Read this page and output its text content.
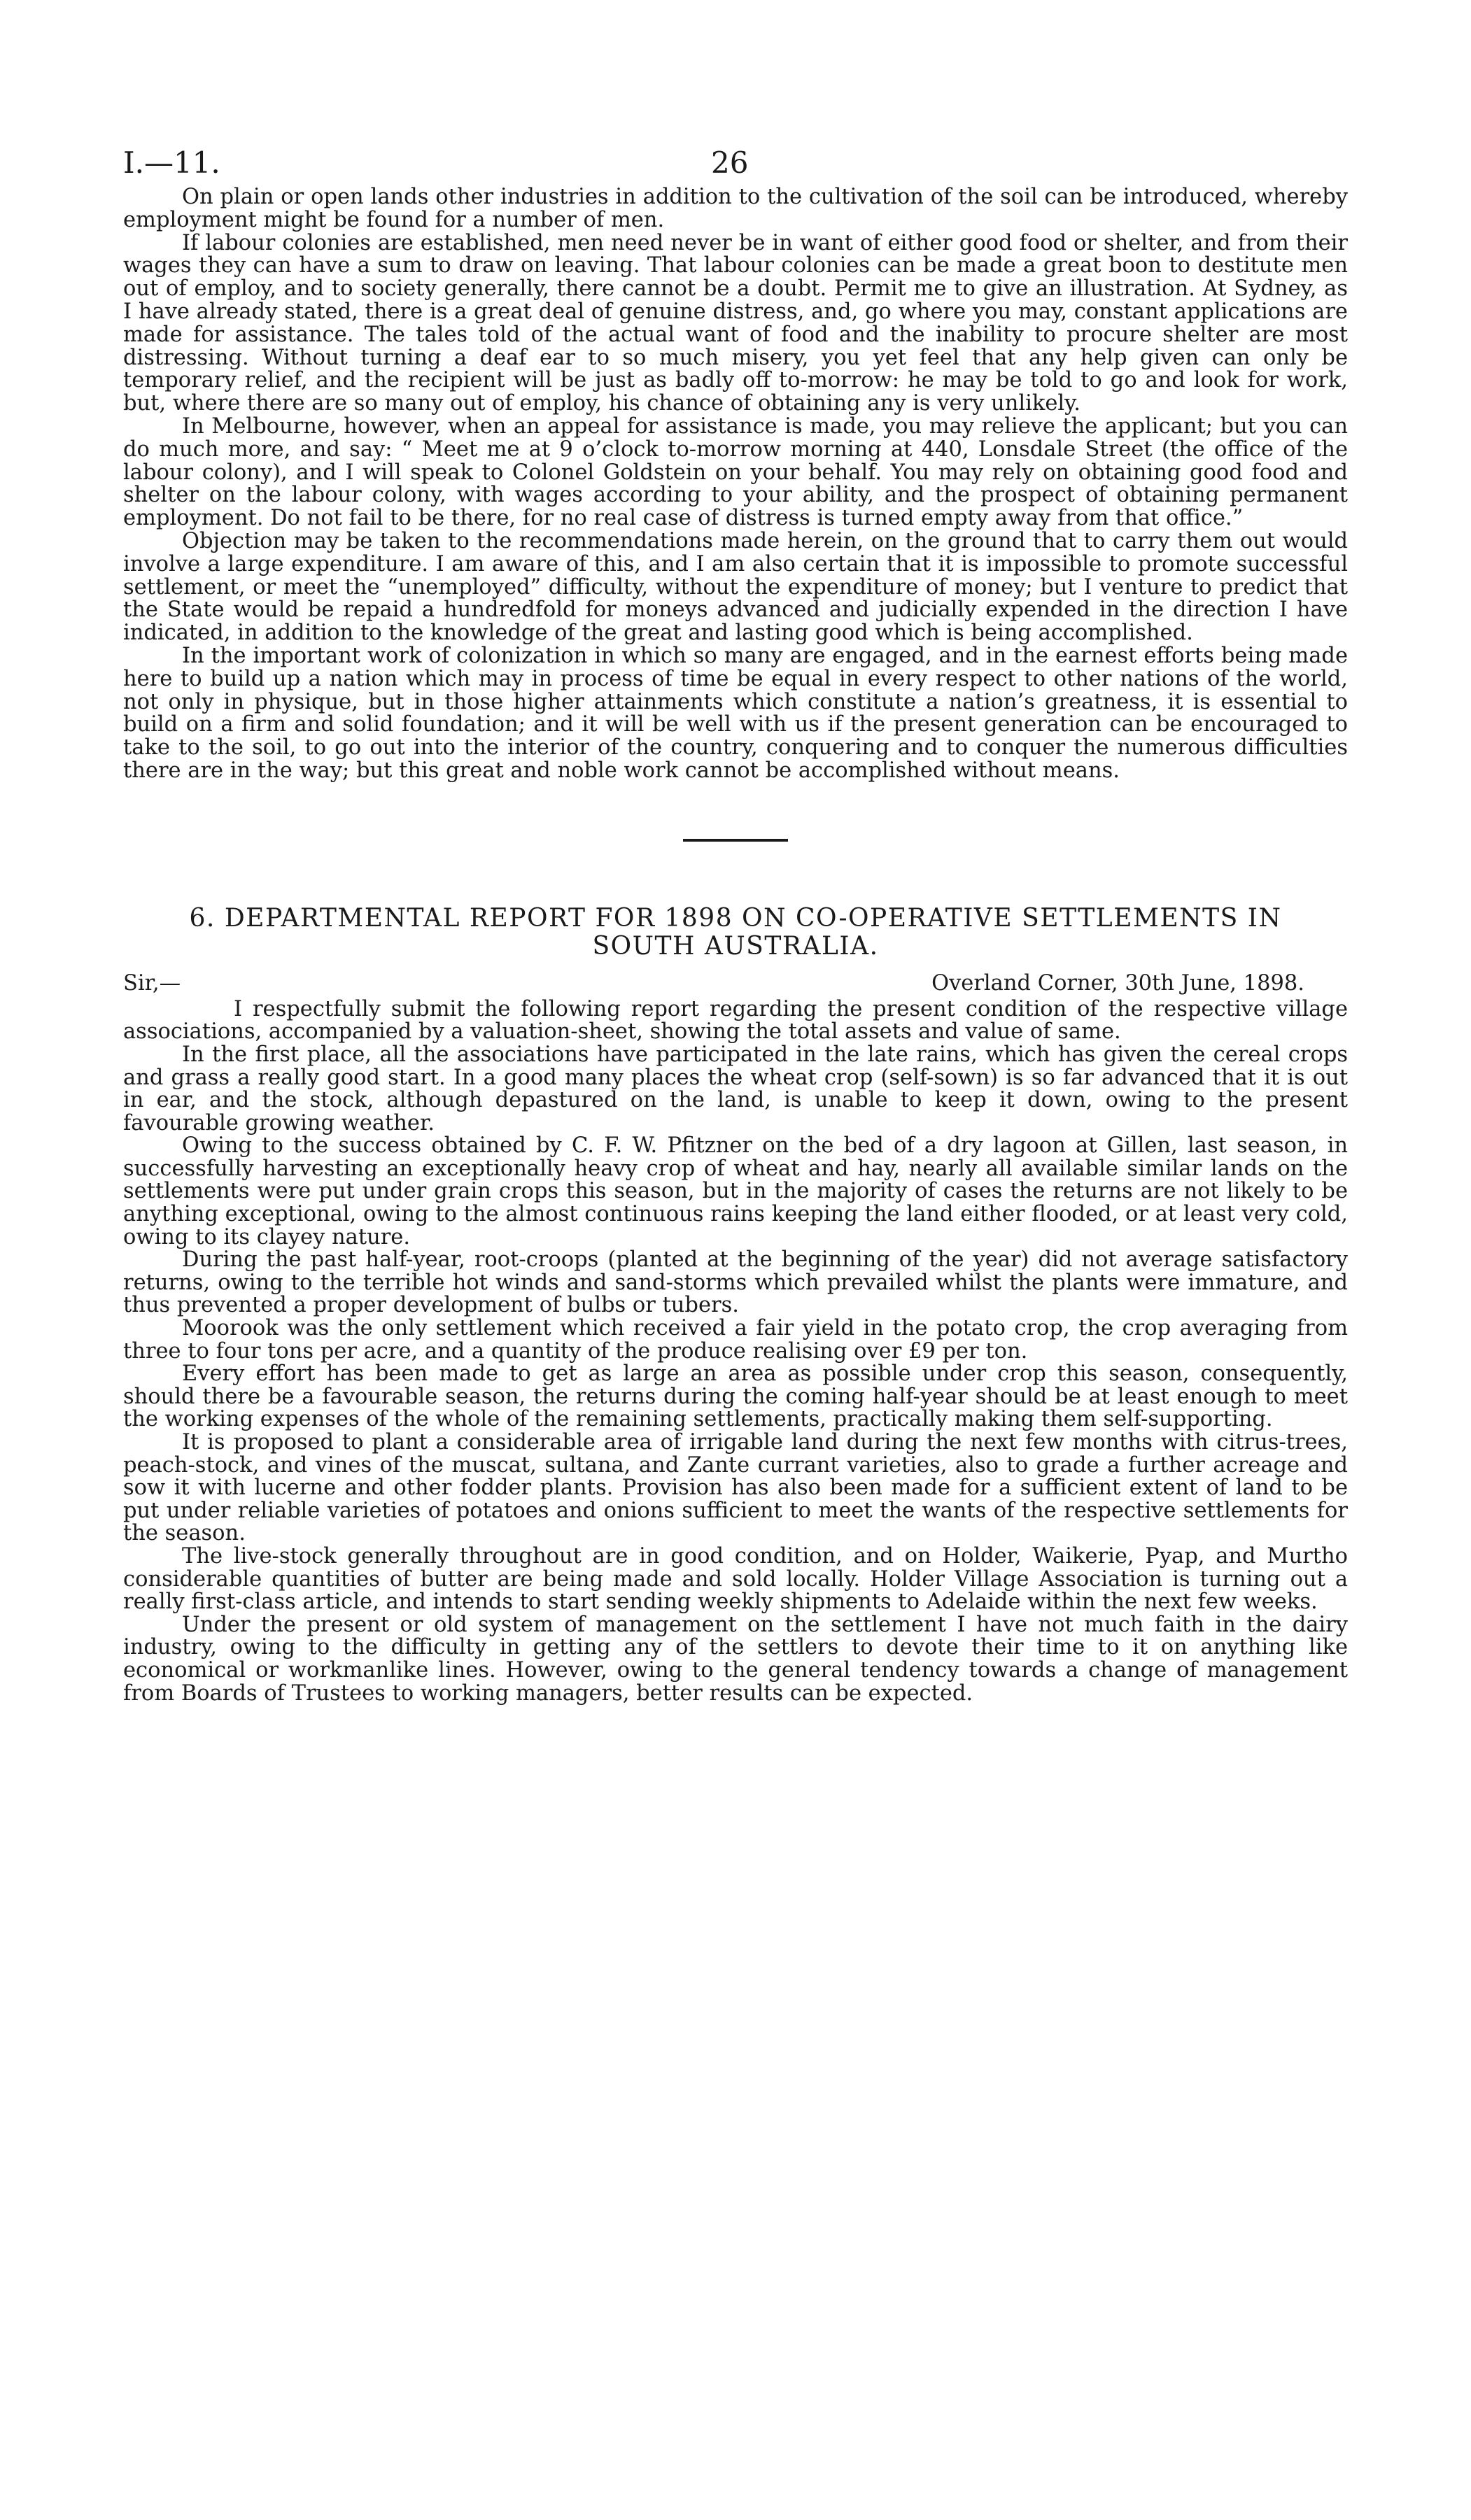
I.—11.	26

On plain or open lands other industries in addition to the cultivation of the soil can be introduced, whereby employment might be found for a number of men.

If labour colonies are established, men need never be in want of either good food or shelter, and from their wages they can have a sum to draw on leaving. That labour colonies can be made a great boon to destitute men out of employ, and to society generally, there cannot be a doubt. Permit me to give an illustration. At Sydney, as I have already stated, there is a great deal of genuine distress, and, go where you may, constant applications are made for assistance. The tales told of the actual want of food and the inability to procure shelter are most distressing. Without turning a deaf ear to so much misery, you yet feel that any help given can only be temporary relief, and the recipient will be just as badly off to-morrow: he may be told to go and look for work, but, where there are so many out of employ, his chance of obtaining any is very unlikely.

In Melbourne, however, when an appeal for assistance is made, you may relieve the applicant; but you can do much more, and say: “ Meet me at 9 o’clock to-morrow morning at 440, Lonsdale Street (the office of the labour colony), and I will speak to Colonel Goldstein on your behalf. You may rely on obtaining good food and shelter on the labour colony, with wages according to your ability, and the prospect of obtaining permanent employment. Do not fail to be there, for no real case of distress is turned empty away from that office.”

Objection may be taken to the recommendations made herein, on the ground that to carry them out would involve a large expenditure. I am aware of this, and I am also certain that it is impossible to promote successful settlement, or meet the “unemployed” difficulty, without the expenditure of money; but I venture to predict that the State would be repaid a hundredfold for moneys advanced and judicially expended in the direction I have indicated, in addition to the knowledge of the great and lasting good which is being accomplished.

In the important work of colonization in which so many are engaged, and in the earnest efforts being made here to build up a nation which may in process of time be equal in every respect to other nations of the world, not only in physique, but in those higher attainments which constitute a nation’s greatness, it is essential to build on a firm and solid foundation; and it will be well with us if the present generation can be encouraged to take to the soil, to go out into the interior of the country, conquering and to conquer the numerous difficulties there are in the way; but this great and noble work cannot be accomplished without means.

6. DEPARTMENTAL REPORT FOR 1898 ON CO-OPERATIVE SETTLEMENTS IN
SOUTH AUSTRALIA.
Sir,—	Overland Corner, 30th June, 1898.

I respectfully submit the following report regarding the present condition of the respective village associations, accompanied by a valuation-sheet, showing the total assets and value of same.

In the first place, all the associations have participated in the late rains, which has given the cereal crops and grass a really good start. In a good many places the wheat crop (self-sown) is so far advanced that it is out in ear, and the stock, although depastured on the land, is unable to keep it down, owing to the present favourable growing weather.

Owing to the success obtained by C. F. W. Pfitzner on the bed of a dry lagoon at Gillen, last season, in successfully harvesting an exceptionally heavy crop of wheat and hay, nearly all available similar lands on the settlements were put under grain crops this season, but in the majority of cases the returns are not likely to be anything exceptional, owing to the almost continuous rains keeping the land either flooded, or at least very cold, owing to its clayey nature.

During the past half-year, root-croops (planted at the beginning of the year) did not average satisfactory returns, owing to the terrible hot winds and sand-storms which prevailed whilst the plants were immature, and thus prevented a proper development of bulbs or tubers.

Moorook was the only settlement which received a fair yield in the potato crop, the crop averaging from three to four tons per acre, and a quantity of the produce realising over £9 per ton.

Every effort has been made to get as large an area as possible under crop this season, consequently, should there be a favourable season, the returns during the coming half-year should be at least enough to meet the working expenses of the whole of the remaining settlements, practically making them self-supporting.

It is proposed to plant a considerable area of irrigable land during the next few months with citrus-trees, peach-stock, and vines of the muscat, sultana, and Zante currant varieties, also to grade a further acreage and sow it with lucerne and other fodder plants. Provision has also been made for a sufficient extent of land to be put under reliable varieties of potatoes and onions sufficient to meet the wants of the respective settlements for the season.

The live-stock generally throughout are in good condition, and on Holder, Waikerie, Pyap, and Murtho considerable quantities of butter are being made and sold locally. Holder Village Association is turning out a really first-class article, and intends to start sending weekly shipments to Adelaide within the next few weeks.

Under the present or old system of management on the settlement I have not much faith in the dairy industry, owing to the difficulty in getting any of the settlers to devote their time to it on anything like economical or workmanlike lines. However, owing to the general tendency towards a change of management from Boards of Trustees to working managers, better results can be expected.
